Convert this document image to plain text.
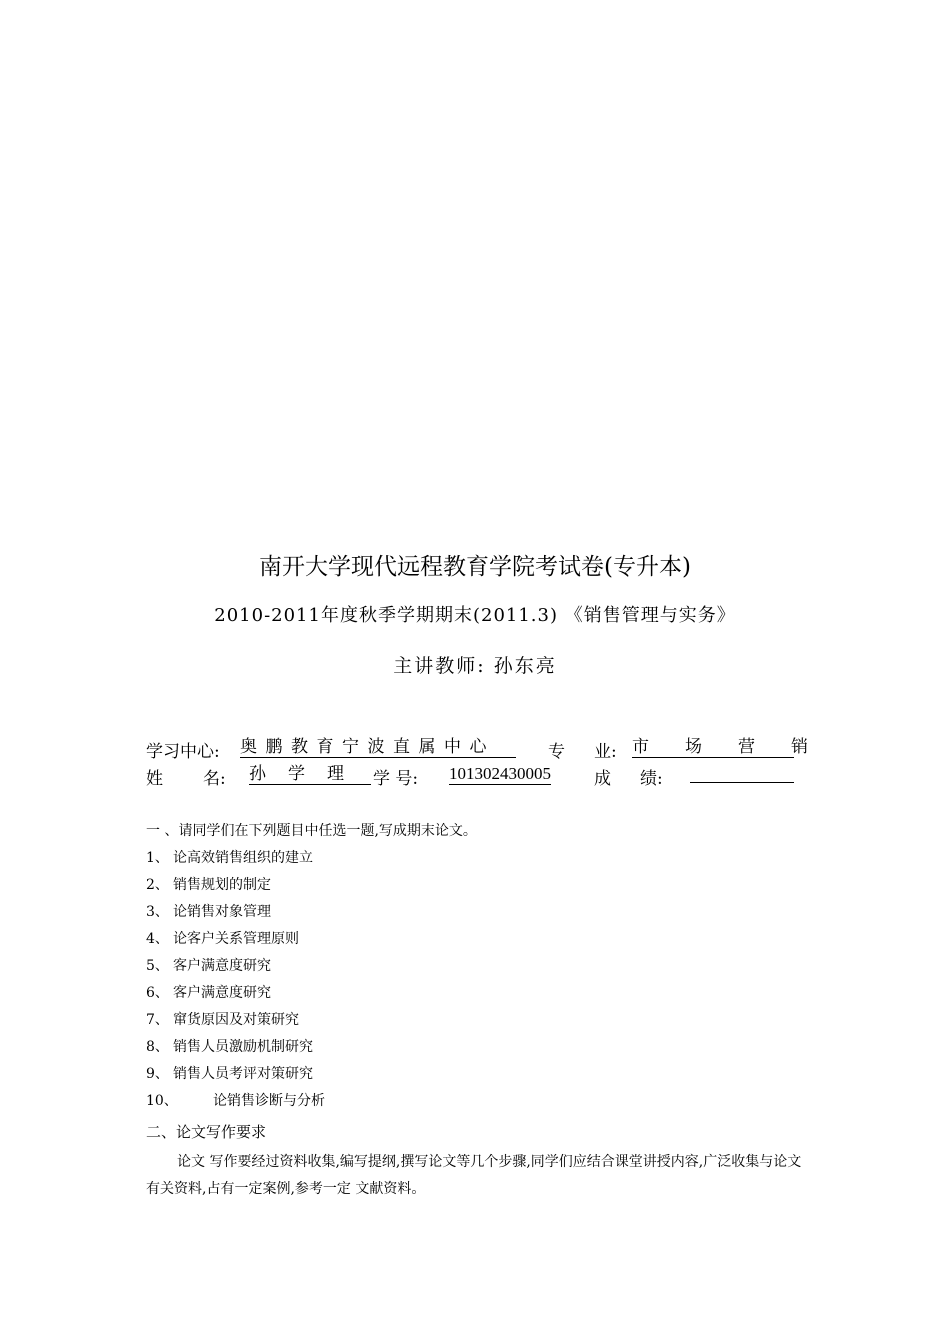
南开大学现代远程教育学院考试卷(专升本)
2010-2011年度秋季学期期末(2011.3) 《销售管理与实务》
主讲教师: 孙东亮
学习中心: 奥鹏教育宁波直属中心	专 业: 市场营销
姓 名: 孙学理 学 号: 101302430005	成 绩:
一 、请同学们在下列题目中任选一题,写成期末论文。
1、 论高效销售组织的建立
2、 销售规划的制定
3、 论销售对象管理
4、 论客户关系管理原则
5、 客户满意度研究
6、 客户满意度研究
7、 窜货原因及对策研究
8、 销售人员激励机制研究
9、 销售人员考评对策研究
10、	论销售诊断与分析
二、论文写作要求
论文 写作要经过资料收集,编写提纲,撰写论文等几个步骤,同学们应结合课堂讲授内容,广泛收集与论文有关资料,占有一定案例,参考一定 文献资料。
